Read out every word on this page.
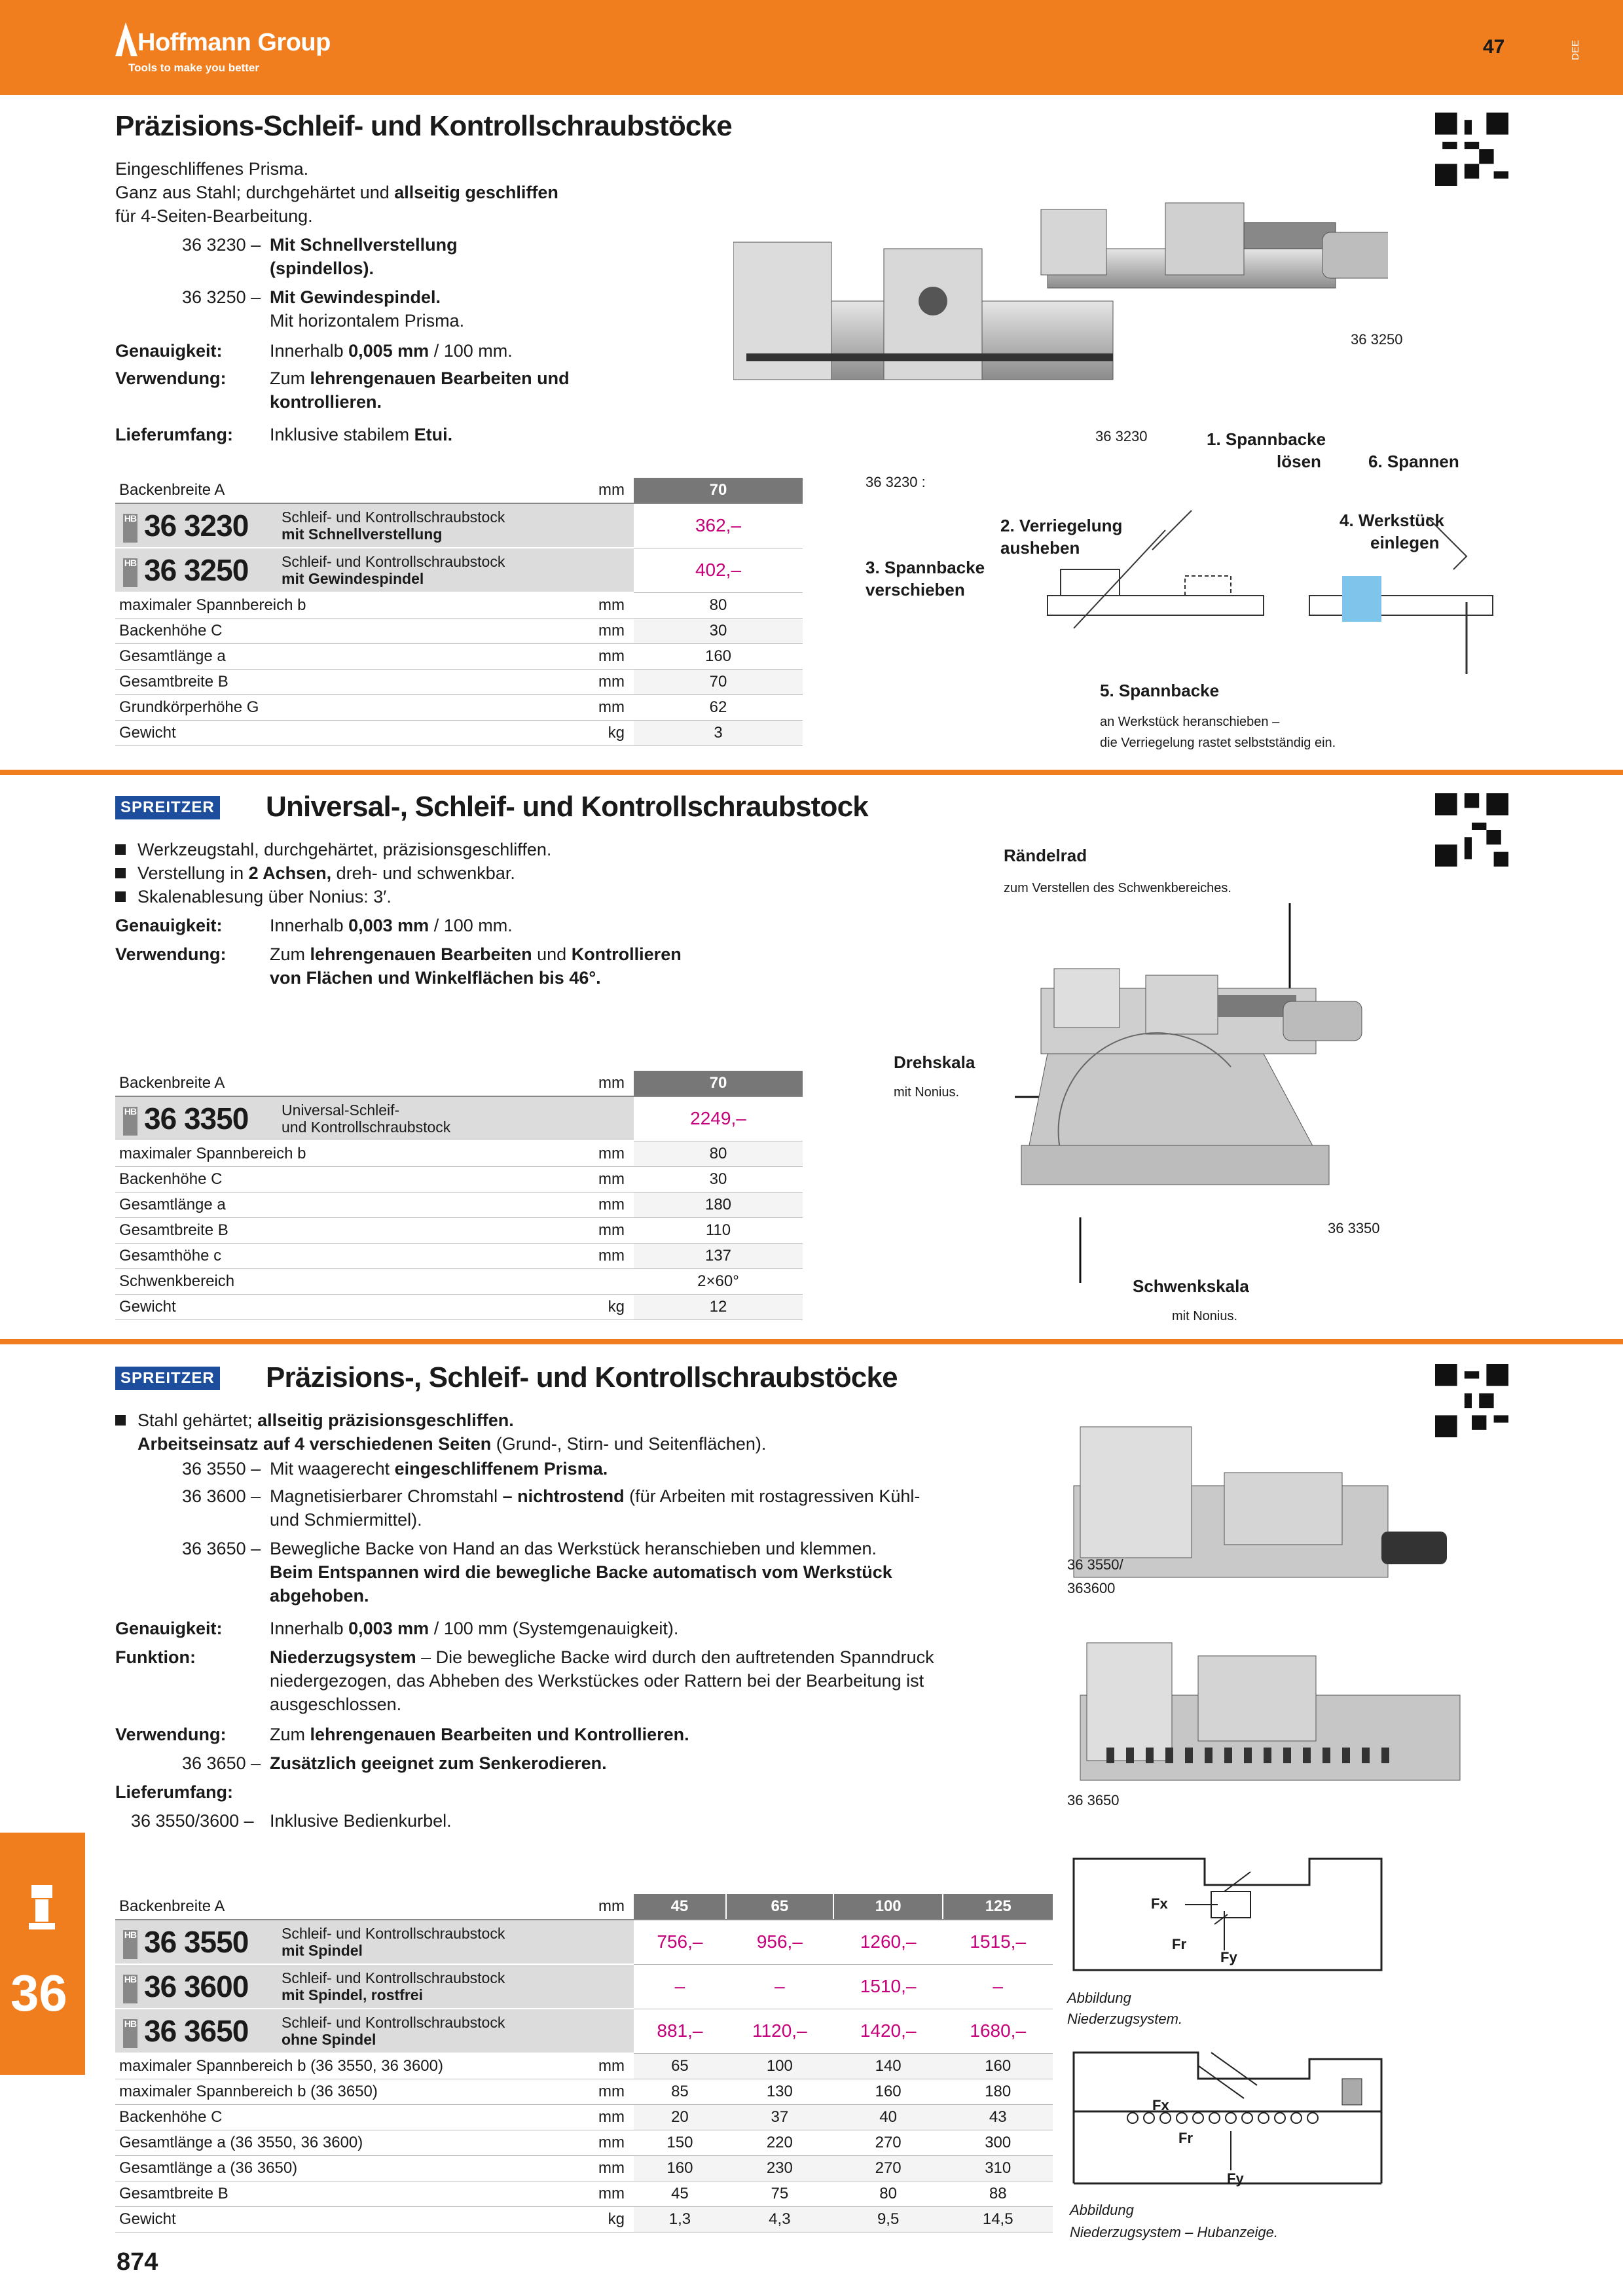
Hoffmann Group
Tools to make you better
47	DEE
Präzisions-Schleif- und Kontrollschraubstöcke
Eingeschliffenes Prisma.
Ganz aus Stahl; durchgehärtet und allseitig geschliffen
für 4-Seiten-Bearbeitung.
36 3230 – Mit Schnellverstellung
(spindellos).
36 3250 – Mit Gewindespindel.
Mit horizontalem Prisma.
Genauigkeit:	Innerhalb 0,005 mm / 100 mm.
Verwendung: Zum lehrengenauen Bearbeiten und
kontrollieren.
Lieferumfang: Inklusive stabilem Etui.
Backenbreite A	mm	70

HB 36 3230	Schleif- und Kontrollschraubstock
mit Schnellverstellung
		362,–

HB 36 3250	Schleif- und Kontrollschraubstock
mit Gewindespindel
		402,–
maximaler Spannbereich b	mm	80
Backenhöhe C	mm	30
Gesamtlänge a	mm	160
Gesamtbreite B	mm	70
Grundkörperhöhe G	mm	62
Gewicht	kg	3
36 3250
36 3230
36 3230 :
1. Spannbacke
lösen	6. Spannen
2. Verriegelung
ausheben
3. Spannbacke
verschieben
4. Werkstück
einlegen
5. Spannbacke
an Werkstück heranschieben –
die Verriegelung rastet selbstständig ein.
SPREITZER Universal-, Schleif- und Kontrollschraubstock
Werkzeugstahl, durchgehärtet, präzisionsgeschliffen.
Verstellung in 2 Achsen, dreh- und schwenkbar.
Skalenablesung über Nonius: 3′.
Genauigkeit:	Innerhalb 0,003 mm / 100 mm.
Verwendung: Zum lehrengenauen Bearbeiten und Kontrollieren
von Flächen und Winkelflächen bis 46°.
Backenbreite A	mm	70

HB 36 3350	Universal-Schleif-
und Kontrollschraubstock
		2249,–
maximaler Spannbereich b	mm	80
Backenhöhe C	mm	30
Gesamtlänge a	mm	180
Gesamtbreite B	mm	110
Gesamthöhe c	mm	137
Schwenkbereich		2×60°
Gewicht	kg	12
Rändelrad
zum Verstellen des Schwenkbereiches.
Drehskala
mit Nonius.
36 3350
Schwenkskala
mit Nonius.
SPREITZER Präzisions-, Schleif- und Kontrollschraubstöcke
Stahl gehärtet; allseitig präzisionsgeschliffen.
Arbeitseinsatz auf 4 verschiedenen Seiten (Grund-, Stirn- und Seitenflächen).
36 3550 – Mit waagerecht eingeschliffenem Prisma.
36 3600 – Magnetisierbarer Chromstahl – nichtrostend (für Arbeiten mit rostagressiven Kühl-
und Schmiermittel).
36 3650 – Bewegliche Backe von Hand an das Werkstück heranschieben und klemmen.
Beim Entspannen wird die bewegliche Backe automatisch vom Werkstück
abgehoben.
Genauigkeit:	Innerhalb 0,003 mm / 100 mm (Systemgenauigkeit).
Funktion:	Niederzugsystem – Die bewegliche Backe wird durch den auftretenden Spanndruck
niedergezogen, das Abheben des Werkstückes oder Rattern bei der Bearbeitung ist
ausgeschlossen.
Verwendung: Zum lehrengenauen Bearbeiten und Kontrollieren.
36 3650 – Zusätzlich geeignet zum Senkerodieren.
Lieferumfang:
36 3550/3600 – Inklusive Bedienkurbel.
Backenbreite A	mm	45	65	100	125

HB 36 3550	Schleif- und Kontrollschraubstock
mit Spindel
		756,–	956,–	1260,–	1515,–

HB 36 3600	Schleif- und Kontrollschraubstock
mit Spindel, rostfrei
		–	–	1510,–	–

HB 36 3650	Schleif- und Kontrollschraubstock
ohne Spindel
		881,–	1120,–	1420,–	1680,–
maximaler Spannbereich b (36 3550, 36 3600)	mm	65	100	140	160
maximaler Spannbereich b (36 3650)	mm	85	130	160	180
Backenhöhe C	mm	20	37	40	43
Gesamtlänge a (36 3550, 36 3600)	mm	150	220	270	300
Gesamtlänge a (36 3650)	mm	160	230	270	310
Gesamtbreite B	mm	45	75	80	88
Gewicht	kg	1,3	4,3	9,5	14,5
36 3550/
363600
36 3650
Fx
Fr
Fy
Abbildung
Niederzugsystem.
Fx
Fr
Fy
Abbildung
Niederzugsystem – Hubanzeige.
36
874
